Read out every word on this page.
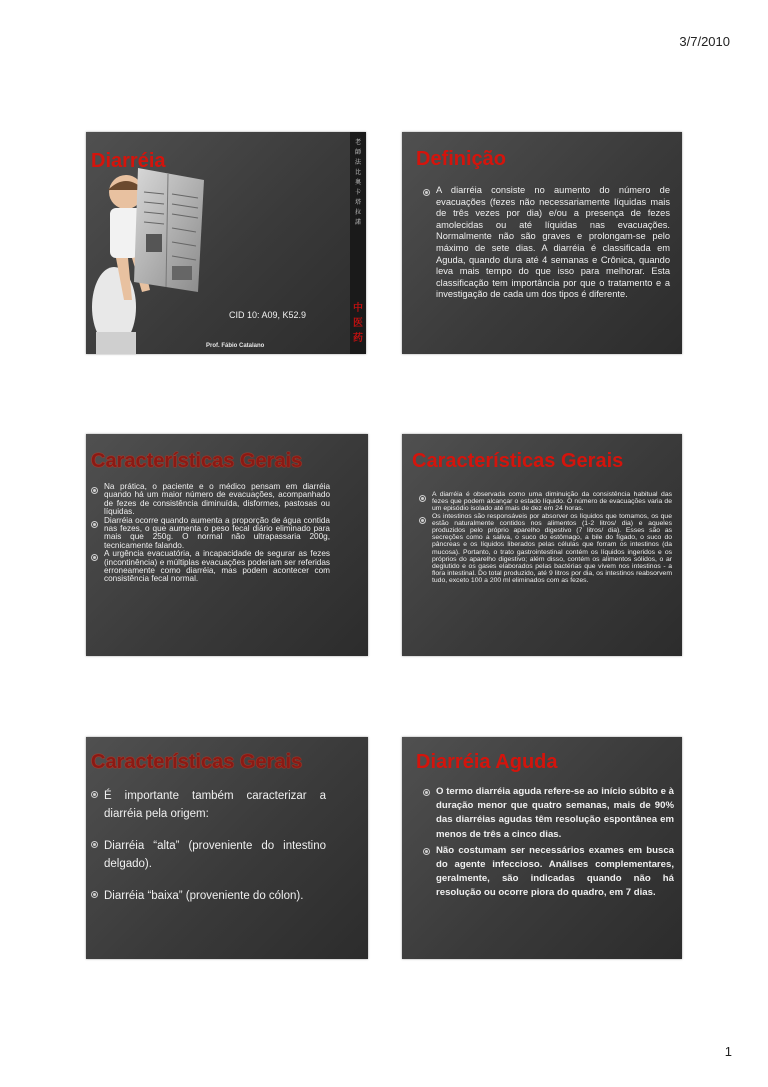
3/7/2010
Diarréia
CID 10: A09, K52.9
Prof. Fábio Catalano
老 師 法 比 奥 卡 塔 拉 諾
中 医 药
Definição
A diarréia consiste no aumento do número de evacuações (fezes não necessariamente líquidas mais de três vezes por dia) e/ou a presença de fezes amolecidas ou até líquidas nas evacuações. Normalmente não são graves e prolongam-se pelo máximo de sete dias. A diarréia é classificada em Aguda, quando dura até 4 semanas e Crônica, quando leva mais tempo do que isso para melhorar. Esta classificação tem importância por que o tratamento e a investigação de cada um dos tipos é diferente.
Características Gerais
Na prática, o paciente e o médico pensam em diarréia quando há um maior número de evacuações, acompanhado de fezes de consistência diminuída, disformes, pastosas ou líquidas.
Diarréia ocorre quando aumenta a proporção de água contida nas fezes, o que aumenta o peso fecal diário eliminado para mais que 250g. O normal não ultrapassaria 200g, tecnicamente falando.
A urgência evacuatória, a incapacidade de segurar as fezes (incontinência) e múltiplas evacuações poderiam ser referidas erroneamente como diarréia, mas podem acontecer com consistência fecal normal.
Características Gerais
A diarréia é observada como uma diminuição da consistência habitual das fezes que podem alcançar o estado líquido. O número de evacuações varia de um episódio isolado até mais de dez em 24 horas.
Os intestinos são responsáveis por absorver os líquidos que tomamos, os que estão naturalmente contidos nos alimentos (1-2 litros/ dia) e aqueles produzidos pelo próprio aparelho digestivo (7 litros/ dia). Esses são as secreções como a saliva, o suco do estômago, a bile do fígado, o suco do pâncreas e os líquidos liberados pelas células que forram os intestinos (da mucosa). Portanto, o trato gastrointestinal contém os líquidos ingeridos e os próprios do aparelho digestivo; além disso, contém os alimentos sólidos, o ar deglutido e os gases elaborados pelas bactérias que vivem nos intestinos - a flora intestinal. Do total produzido, até 9 litros por dia, os intestinos reabsorvem tudo, exceto 100 a 200 ml eliminados com as fezes.
Características Gerais
É importante também caracterizar a diarréia pela origem:
Diarréia “alta” (proveniente do intestino delgado).
Diarréia “baixa” (proveniente do cólon).
Diarréia Aguda
O termo diarréia aguda refere-se ao início súbito e à duração menor que quatro semanas, mais de 90% das diarréias agudas têm resolução espontânea em menos de três a cinco dias.
Não costumam ser necessários exames em busca do agente infeccioso. Análises complementares, geralmente, são indicadas quando não há resolução ou ocorre piora do quadro, em 7 dias.
1
